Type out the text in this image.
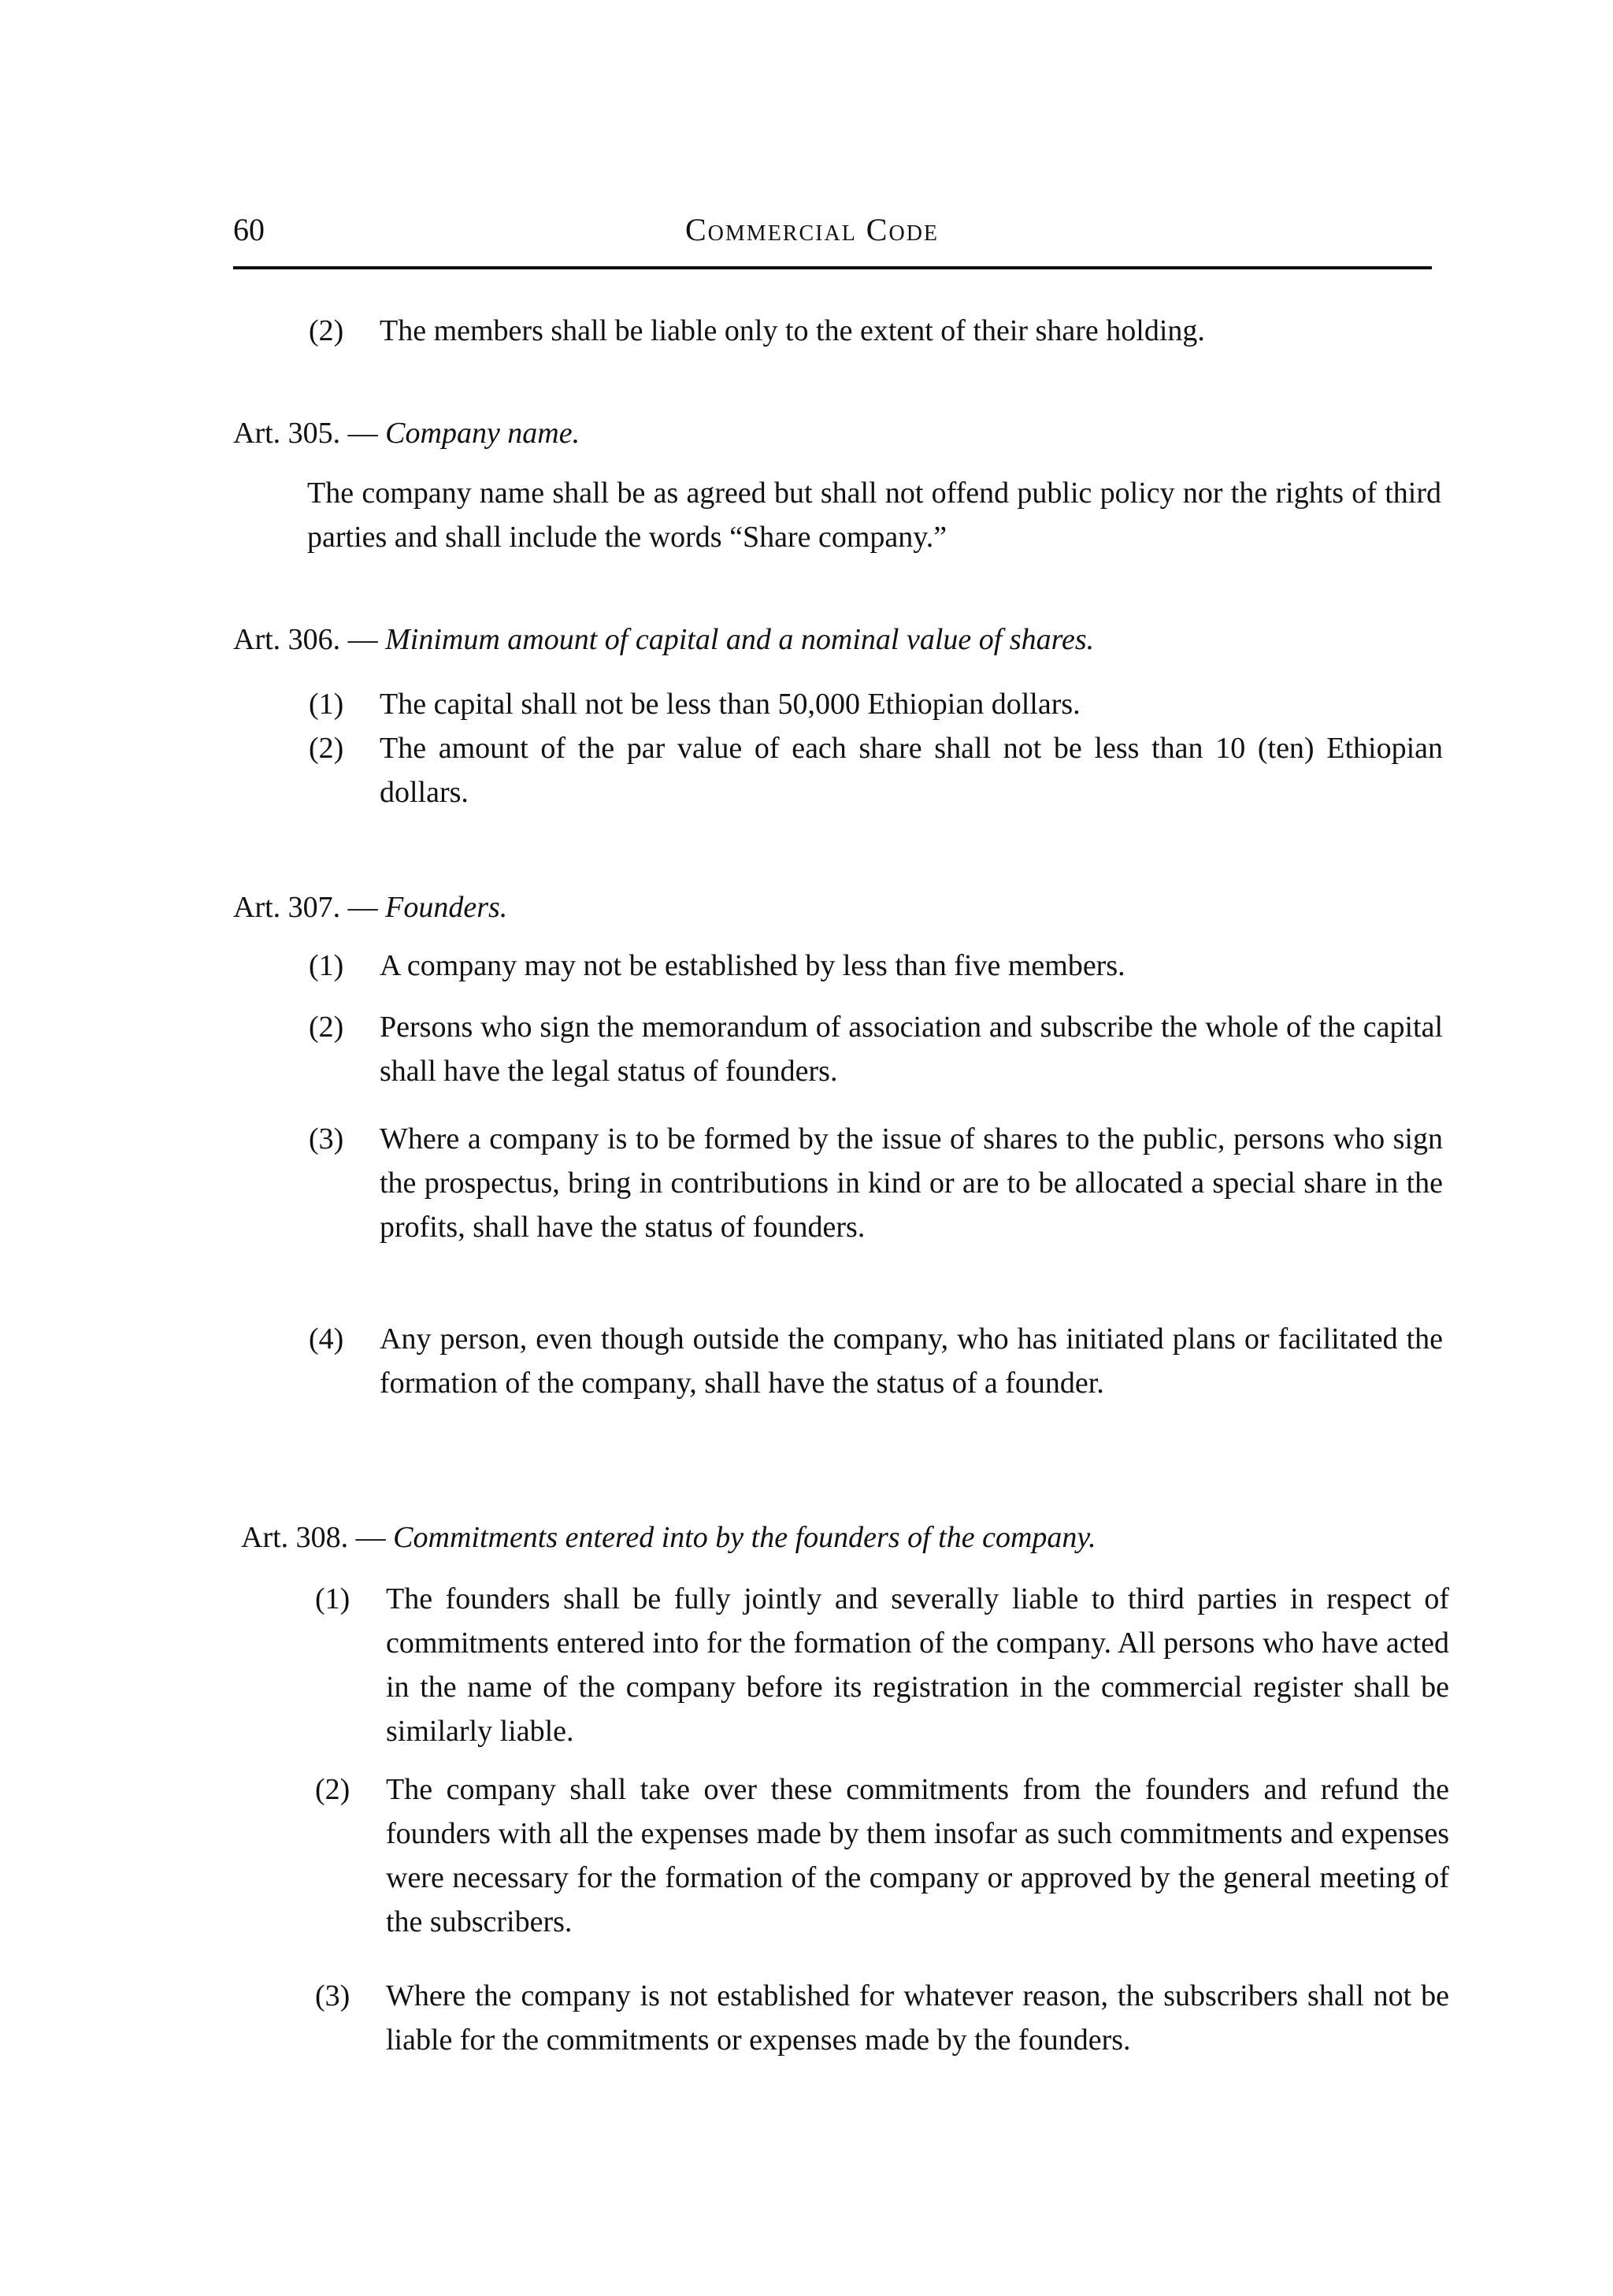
60	Commercial Code
(2)	The members shall be liable only to the extent of their share holding.
Art. 305. — Company name.
The company name shall be as agreed but shall not offend public policy nor the rights of third parties and shall include the words “Share company.”
Art. 306. — Minimum amount of capital and a nominal value of shares.
(1)	The capital shall not be less than 50,000 Ethiopian dollars.
(2)	The amount of the par value of each share shall not be less than 10 (ten) Ethiopian dollars.
Art. 307. — Founders.
(1)	A company may not be established by less than five members.
(2)	Persons who sign the memorandum of association and subscribe the whole of the capital shall have the legal status of founders.
(3)	Where a company is to be formed by the issue of shares to the public, persons who sign the prospectus, bring in contributions in kind or are to be allocated a special share in the profits, shall have the status of founders.
(4)	Any person, even though outside the company, who has initiated plans or facilitated the formation of the company, shall have the status of a founder.
Art. 308. — Commitments entered into by the founders of the company.
(1)	The founders shall be fully jointly and severally liable to third parties in respect of commitments entered into for the formation of the company. All persons who have acted in the name of the company before its registration in the commercial register shall be similarly liable.
(2)	The company shall take over these commitments from the founders and refund the founders with all the expenses made by them insofar as such commitments and expenses were necessary for the formation of the company or approved by the general meeting of the subscribers.
(3)	Where the company is not established for whatever reason, the subscribers shall not be liable for the commitments or expenses made by the founders.
